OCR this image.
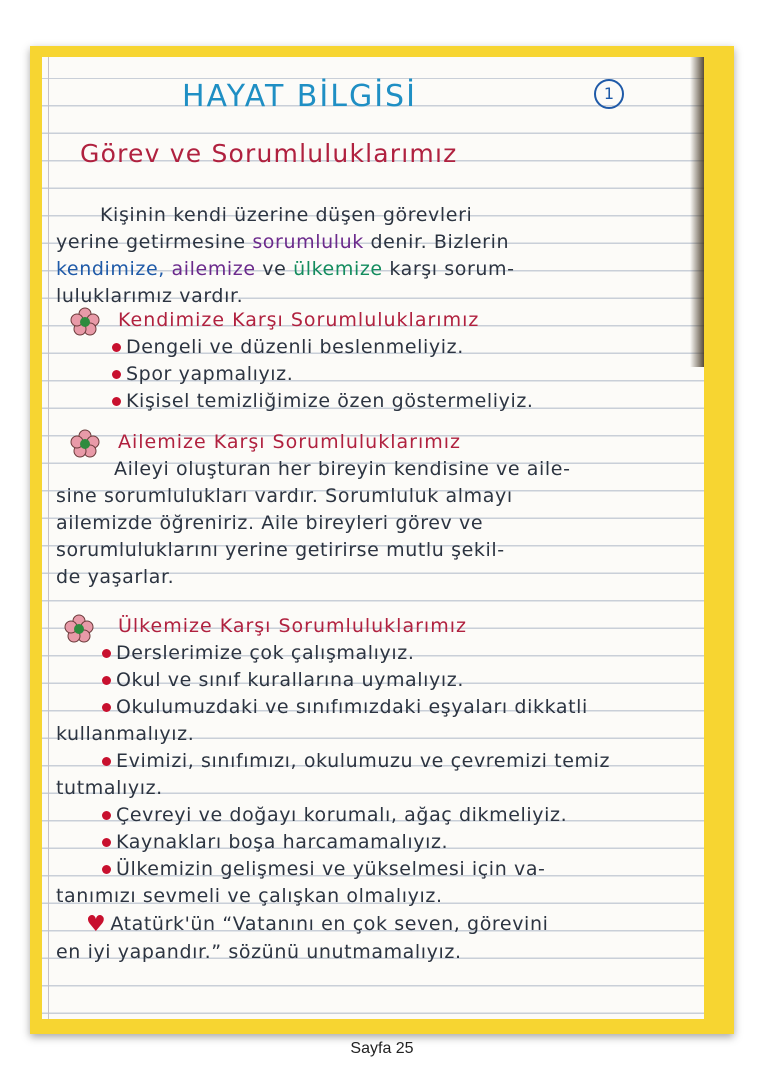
HAYAT BİLGİSİ	1
Görev ve Sorumluluklarımız
Kişinin kendi üzerine düşen görevleri
yerine getirmesine sorumluluk denir. Bizlerin
kendimize, ailemize ve ülkemize karşı sorum-
luluklarımız vardır.
Kendimize Karşı Sorumluluklarımız
Dengeli ve düzenli beslenmeliyiz.
Spor yapmalıyız.
Kişisel temizliğimize özen göstermeliyiz.
Ailemize Karşı Sorumluluklarımız
Aileyi oluşturan her bireyin kendisine ve aile-
sine sorumlulukları vardır. Sorumluluk almayı
ailemizde öğreniriz. Aile bireyleri görev ve
sorumluluklarını yerine getirirse mutlu şekil-
de yaşarlar.
Ülkemize Karşı Sorumluluklarımız
Derslerimize çok çalışmalıyız.
Okul ve sınıf kurallarına uymalıyız.
Okulumuzdaki ve sınıfımızdaki eşyaları dikkatli
kullanmalıyız.
Evimizi, sınıfımızı, okulumuzu ve çevremizi temiz
tutmalıyız.
Çevreyi ve doğayı korumalı, ağaç dikmeliyiz.
Kaynakları boşa harcamamalıyız.
Ülkemizin gelişmesi ve yükselmesi için va-
tanımızı sevmeli ve çalışkan olmalıyız.
♥ Atatürk'ün “Vatanını en çok seven, görevini
en iyi yapandır.” sözünü unutmamalıyız.
Sayfa 25
